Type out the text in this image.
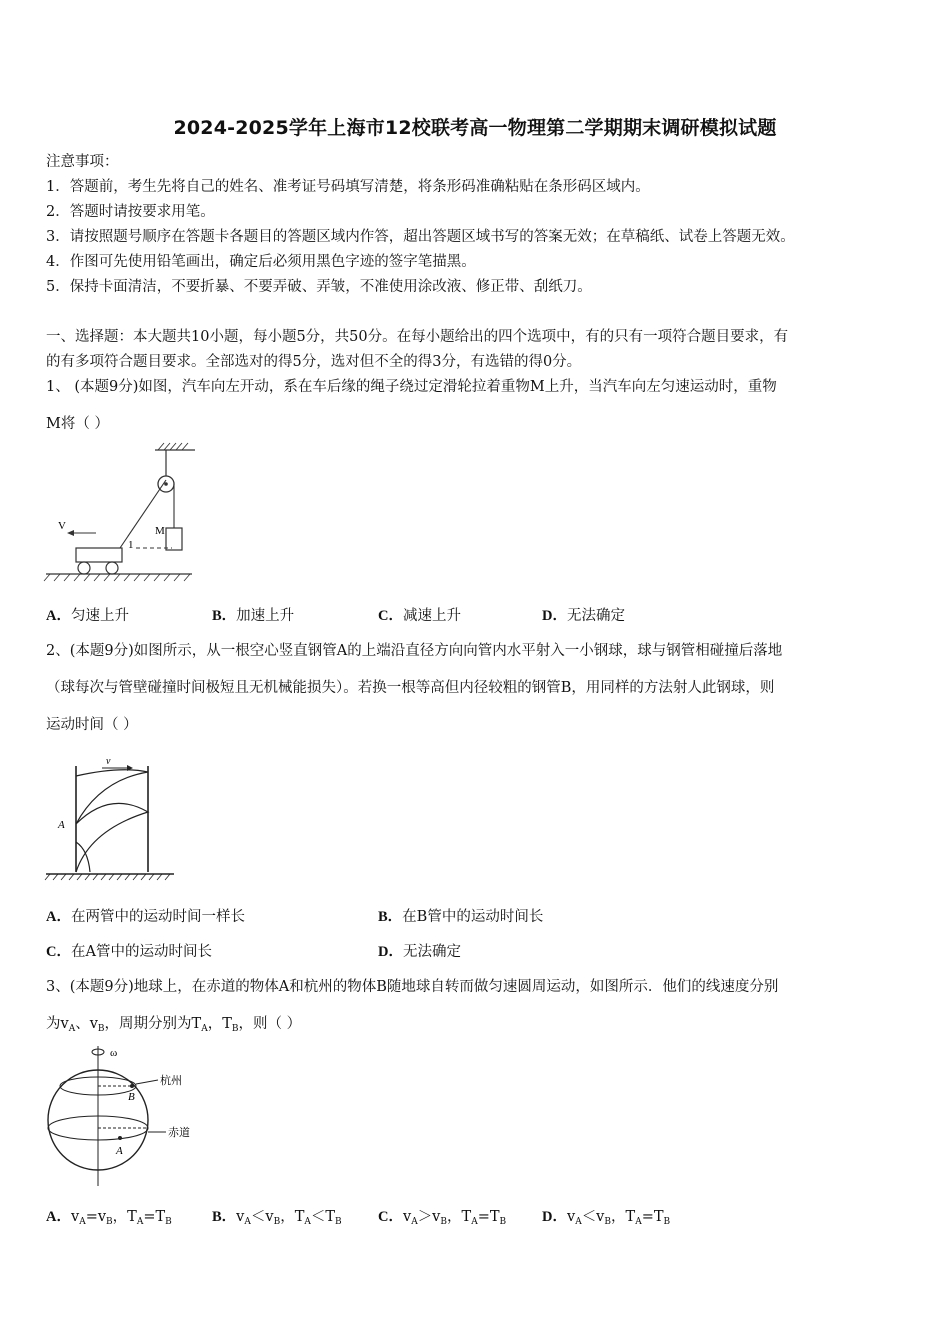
2024-2025学年上海市12校联考高一物理第二学期期末调研模拟试题
注意事项：
1．答题前，考生先将自己的姓名、准考证号码填写清楚，将条形码准确粘贴在条形码区域内。
2．答题时请按要求用笔。
3．请按照题号顺序在答题卡各题目的答题区域内作答，超出答题区域书写的答案无效；在草稿纸、试卷上答题无效。
4．作图可先使用铅笔画出，确定后必须用黑色字迹的签字笔描黑。
5．保持卡面清洁，不要折暴、不要弄破、弄皱，不准使用涂改液、修正带、刮纸刀。
一、选择题：本大题共10小题，每小题5分，共50分。在每小题给出的四个选项中，有的只有一项符合题目要求，有
的有多项符合题目要求。全部选对的得5分，选对但不全的得3分，有选错的得0分。
1、 (本题9分)如图，汽车向左开动，系在车后缘的绳子绕过定滑轮拉着重物M上升，当汽车向左匀速运动时，重物
M将（ ）
M
1
V
A．匀速上升	B．加速上升	C．减速上升	D．无法确定
2、(本题9分)如图所示，从一根空心竖直钢管A的上端沿直径方向向管内水平射入一小钢球，球与钢管相碰撞后落地
（球每次与管壁碰撞时间极短且无机械能损失）。若换一根等高但内径较粗的钢管B，用同样的方法射人此钢球，则
运动时间（ ）
v
A
A．在两管中的运动时间一样长	B．在B管中的运动时间长
C．在A管中的运动时间长	D．无法确定
3、(本题9分)地球上，在赤道的物体A和杭州的物体B随地球自转而做匀速圆周运动，如图所示．他们的线速度分别
为$v_A$、$v_B$，周期分别为$T_A$，$T_B$，则（ ）
ω
B
A
杭州
赤道
A．$v_A=v_B$，$T_A=T_B$	B．$v_A<v_B$，$T_A<T_B$	C．$v_A>v_B$，$T_A=T_B$ D．$v_A<v_B$，$T_A=T_B$
